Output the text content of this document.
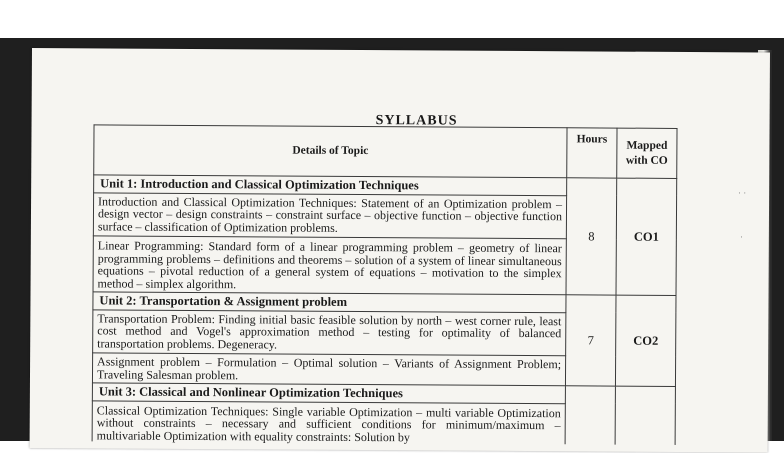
SYLLABUS
Details of Topic	Hours	Mapped with CO
Unit 1: Introduction and Classical Optimization Techniques	8	CO1
Introduction and Classical Optimization Techniques: Statement of an Optimization problem – design vector – design constraints – constraint surface – objective function – objective function surface – classification of Optimization problems.		
Linear Programming: Standard form of a linear programming problem – geometry of linear programming problems – definitions and theorems – solution of a system of linear simultaneous equations – pivotal reduction of a general system of equations – motivation to the simplex method – simplex algorithm.		
Unit 2: Transportation & Assignment problem	7	CO2
Transportation Problem: Finding initial basic feasible solution by north – west corner rule, least cost method and Vogel's approximation method – testing for optimality of balanced transportation problems. Degeneracy.		
Assignment problem – Formulation – Optimal solution – Variants of Assignment Problem; Traveling Salesman problem.		
Unit 3: Classical and Nonlinear Optimization Techniques		
Classical Optimization Techniques: Single variable Optimization – multi variable Optimization without constraints – necessary and sufficient conditions for minimum/maximum – multivariable Optimization with equality constraints: Solution by		
· ·
·
